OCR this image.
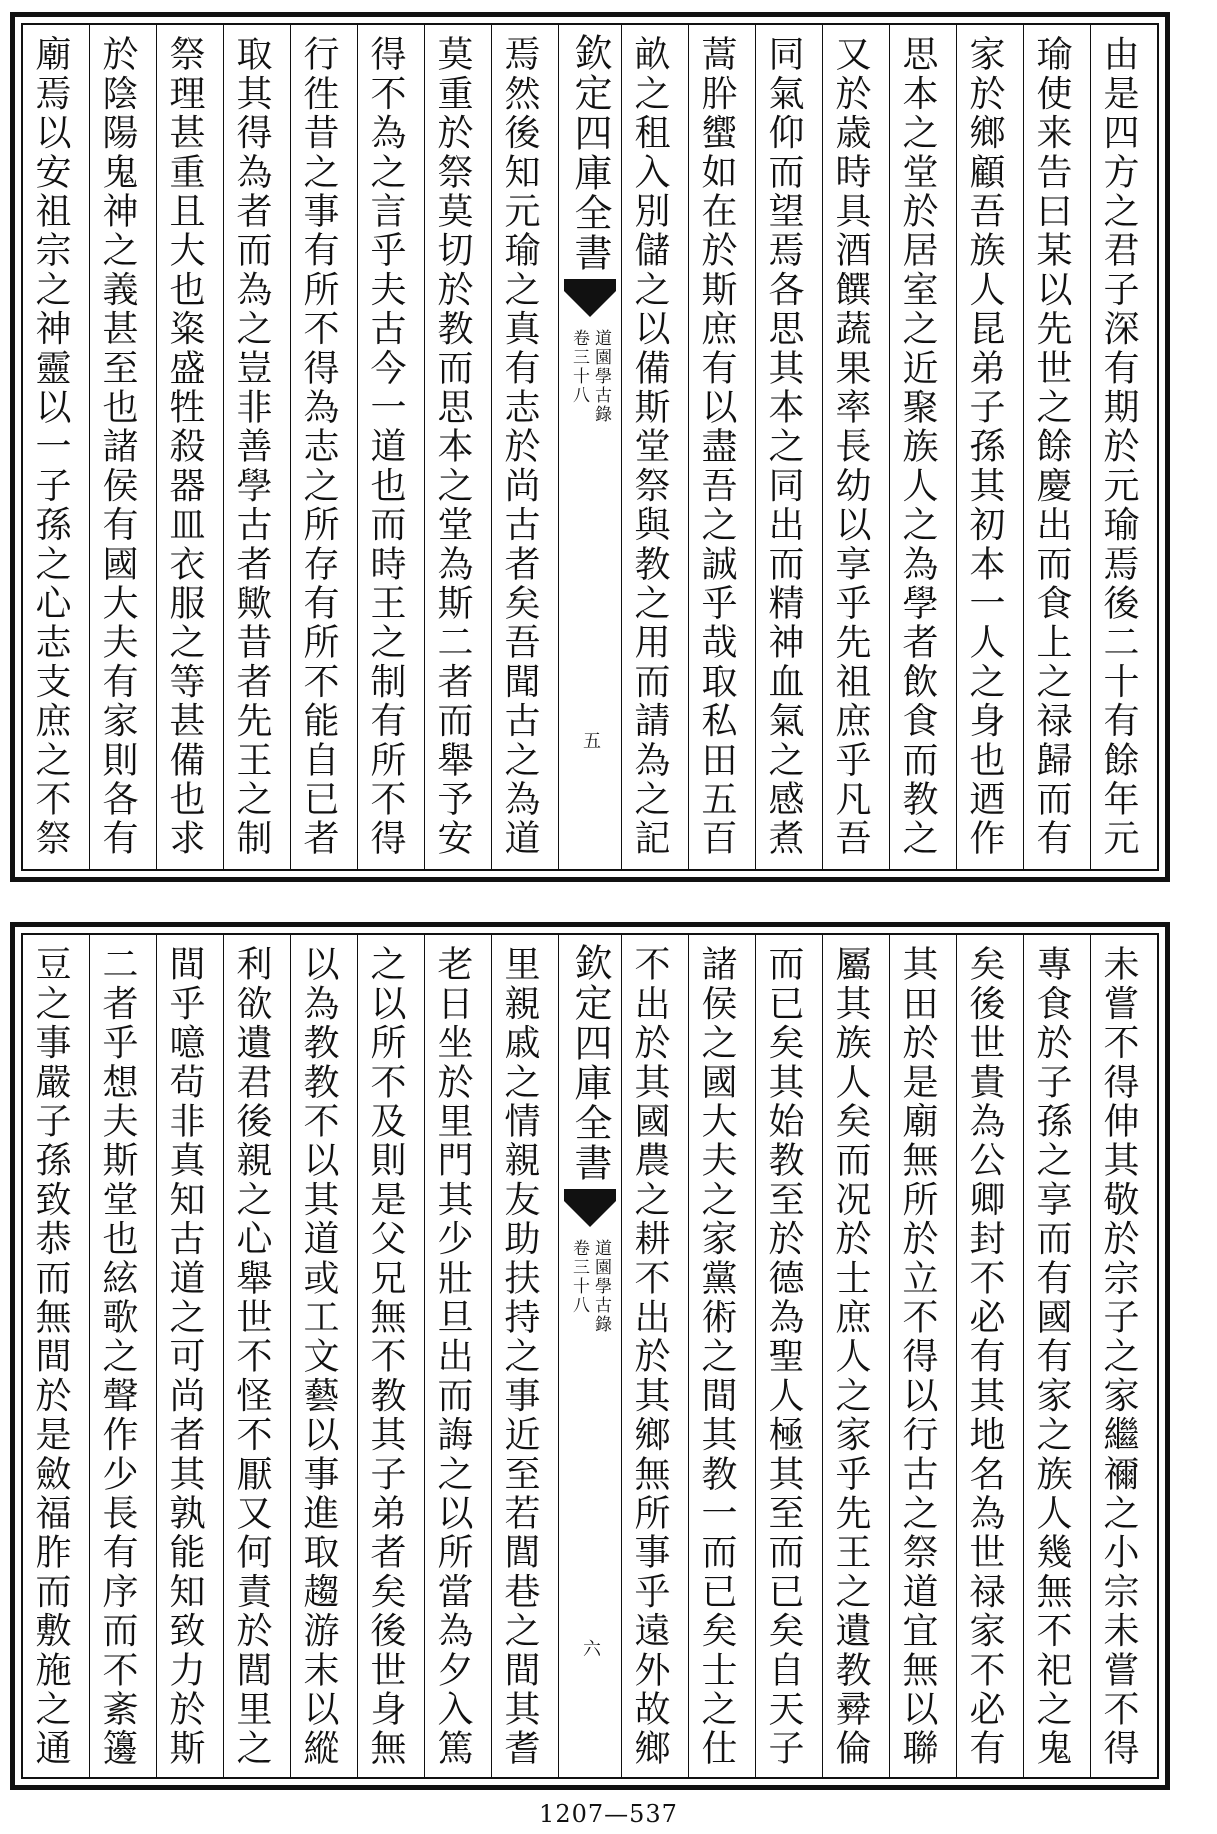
由是四方之君子深有期於元瑜焉後二十有餘年元
瑜使来告曰某以先世之餘慶出而食上之禄歸而有
家於鄉顧吾族人昆弟子孫其初本一人之身也迺作
思本之堂於居室之近聚族人之為學者飲食而教之
又於歳時具酒饌蔬果率長幼以享乎先祖庶乎凡吾
同氣仰而望焉各思其本之同出而精神血氣之感煮
蒿肸蠁如在於斯庶有以盡吾之誠乎哉取私田五百
畝之租入別儲之以備斯堂祭與教之用而請為之記
欽定四庫全書
道園學古錄
卷三十八
五
焉然後知元瑜之真有志於尚古者矣吾聞古之為道
莫重於祭莫切於教而思本之堂為斯二者而舉予安
得不為之言乎夫古今一道也而時王之制有所不得
行徃昔之事有所不得為志之所存有所不能自已者
取其得為者而為之豈非善學古者歟昔者先王之制
祭理甚重且大也粢盛牲殺器皿衣服之等甚備也求
於陰陽鬼神之義甚至也諸侯有國大夫有家則各有
廟焉以安祖宗之神靈以一子孫之心志支庶之不祭
未嘗不得伸其敬於宗子之家繼禰之小宗未嘗不得
專食於子孫之享而有國有家之族人幾無不祀之鬼
矣後世貴為公卿封不必有其地名為世禄家不必有
其田於是廟無所於立不得以行古之祭道宜無以聯
屬其族人矣而况於士庶人之家乎先王之遺教彛倫
而已矣其始教至於德為聖人極其至而已矣自天子
諸侯之國大夫之家黨術之間其教一而已矣士之仕
不出於其國農之耕不出於其鄉無所事乎遠外故鄉
欽定四庫全書
道園學古錄
卷三十八
六
里親戚之情親友助扶持之事近至若閭巷之間其耆
老日坐於里門其少壯旦出而誨之以所當為夕入篤
之以所不及則是父兄無不教其子弟者矣後世身無
以為教教不以其道或工文藝以事進取趨游末以縱
利欲遺君後親之心舉世不怪不厭又何責於閭里之
間乎噫茍非真知古道之可尚者其孰能知致力於斯
二者乎想夫斯堂也絃歌之聲作少長有序而不紊籩
豆之事嚴子孫致恭而無間於是斂福胙而敷施之通
1207—537
